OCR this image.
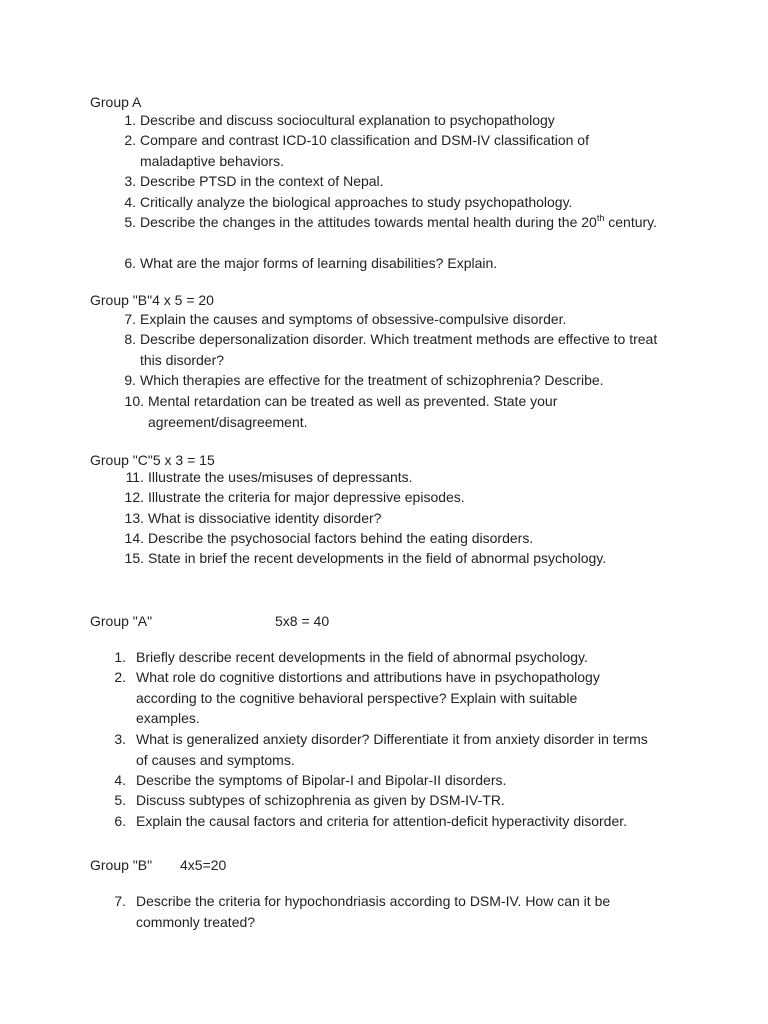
Group A
1. Describe and discuss sociocultural explanation to psychopathology
2. Compare and contrast ICD-10 classification and DSM-IV classification of maladaptive behaviors.
3. Describe PTSD in the context of Nepal.
4. Critically analyze the biological approaches to study psychopathology.
5. Describe the changes in the attitudes towards mental health during the 20th century.
6. What are the major forms of learning disabilities? Explain.
Group "B"4 x 5 = 20
7. Explain the causes and symptoms of obsessive-compulsive disorder.
8. Describe depersonalization disorder. Which treatment methods are effective to treat this disorder?
9. Which therapies are effective for the treatment of schizophrenia? Describe.
10. Mental retardation can be treated as well as prevented. State your agreement/disagreement.
Group "C"5 x 3 = 15
11. Illustrate the uses/misuses of depressants.
12. Illustrate the criteria for major depressive episodes.
13. What is dissociative identity disorder?
14. Describe the psychosocial factors behind the eating disorders.
15. State in brief the recent developments in the field of abnormal psychology.
Group "A"	5x8 = 40
1. Briefly describe recent developments in the field of abnormal psychology.
2. What role do cognitive distortions and attributions have in psychopathology according to the cognitive behavioral perspective? Explain with suitable examples.
3. What is generalized anxiety disorder? Differentiate it from anxiety disorder in terms of causes and symptoms.
4. Describe the symptoms of Bipolar-I and Bipolar-II disorders.
5. Discuss subtypes of schizophrenia as given by DSM-IV-TR.
6. Explain the causal factors and criteria for attention-deficit hyperactivity disorder.
Group "B" 4x5=20
7. Describe the criteria for hypochondriasis according to DSM-IV. How can it be commonly treated?
